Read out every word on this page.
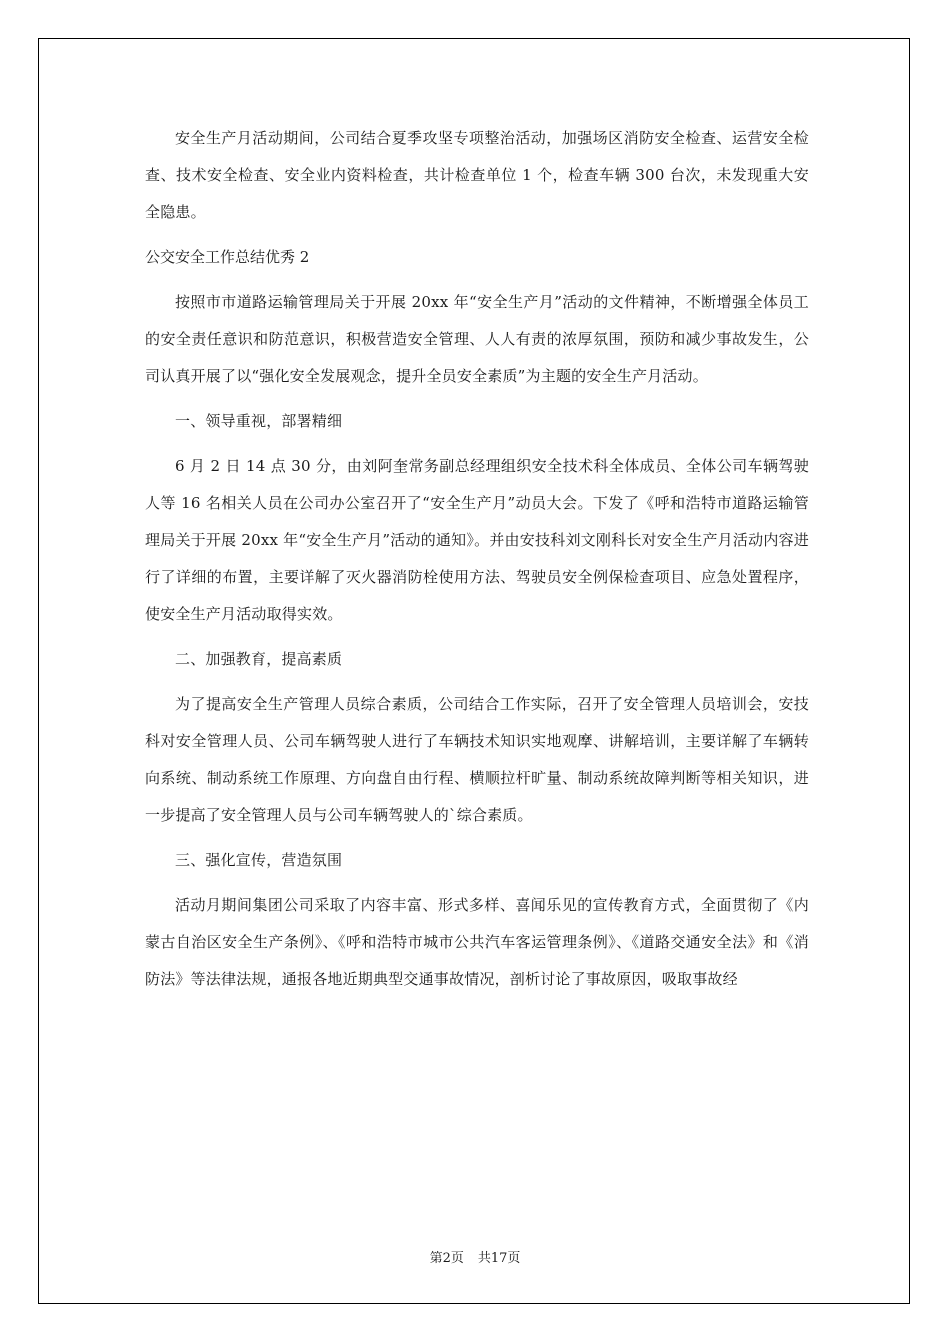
安全生产月活动期间，公司结合夏季攻坚专项整治活动，加强场区消防安全检查、运营安全检查、技术安全检查、安全业内资料检查，共计检查单位 1 个，检查车辆 300 台次，未发现重大安全隐患。

公交安全工作总结优秀 2

按照市市道路运输管理局关于开展 20xx 年“安全生产月”活动的文件精神，不断增强全体员工的安全责任意识和防范意识，积极营造安全管理、人人有责的浓厚氛围，预防和减少事故发生，公司认真开展了以“强化安全发展观念，提升全员安全素质”为主题的安全生产月活动。

一、领导重视，部署精细

6 月 2 日 14 点 30 分，由刘阿奎常务副总经理组织安全技术科全体成员、全体公司车辆驾驶人等 16 名相关人员在公司办公室召开了“安全生产月”动员大会。下发了《呼和浩特市道路运输管理局关于开展 20xx 年“安全生产月”活动的通知》。并由安技科刘文刚科长对安全生产月活动内容进行了详细的布置，主要详解了灭火器消防栓使用方法、驾驶员安全例保检查项目、应急处置程序，使安全生产月活动取得实效。

二、加强教育，提高素质

为了提高安全生产管理人员综合素质，公司结合工作实际，召开了安全管理人员培训会，安技科对安全管理人员、公司车辆驾驶人进行了车辆技术知识实地观摩、讲解培训，主要详解了车辆转向系统、制动系统工作原理、方向盘自由行程、横顺拉杆旷量、制动系统故障判断等相关知识，进一步提高了安全管理人员与公司车辆驾驶人的`综合素质。

三、强化宣传，营造氛围

活动月期间集团公司采取了内容丰富、形式多样、喜闻乐见的宣传教育方式，全面贯彻了《内蒙古自治区安全生产条例》、《呼和浩特市城市公共汽车客运管理条例》、《道路交通安全法》和《消防法》等法律法规，通报各地近期典型交通事故情况，剖析讨论了事故原因，吸取事故经

第2页 共17页
